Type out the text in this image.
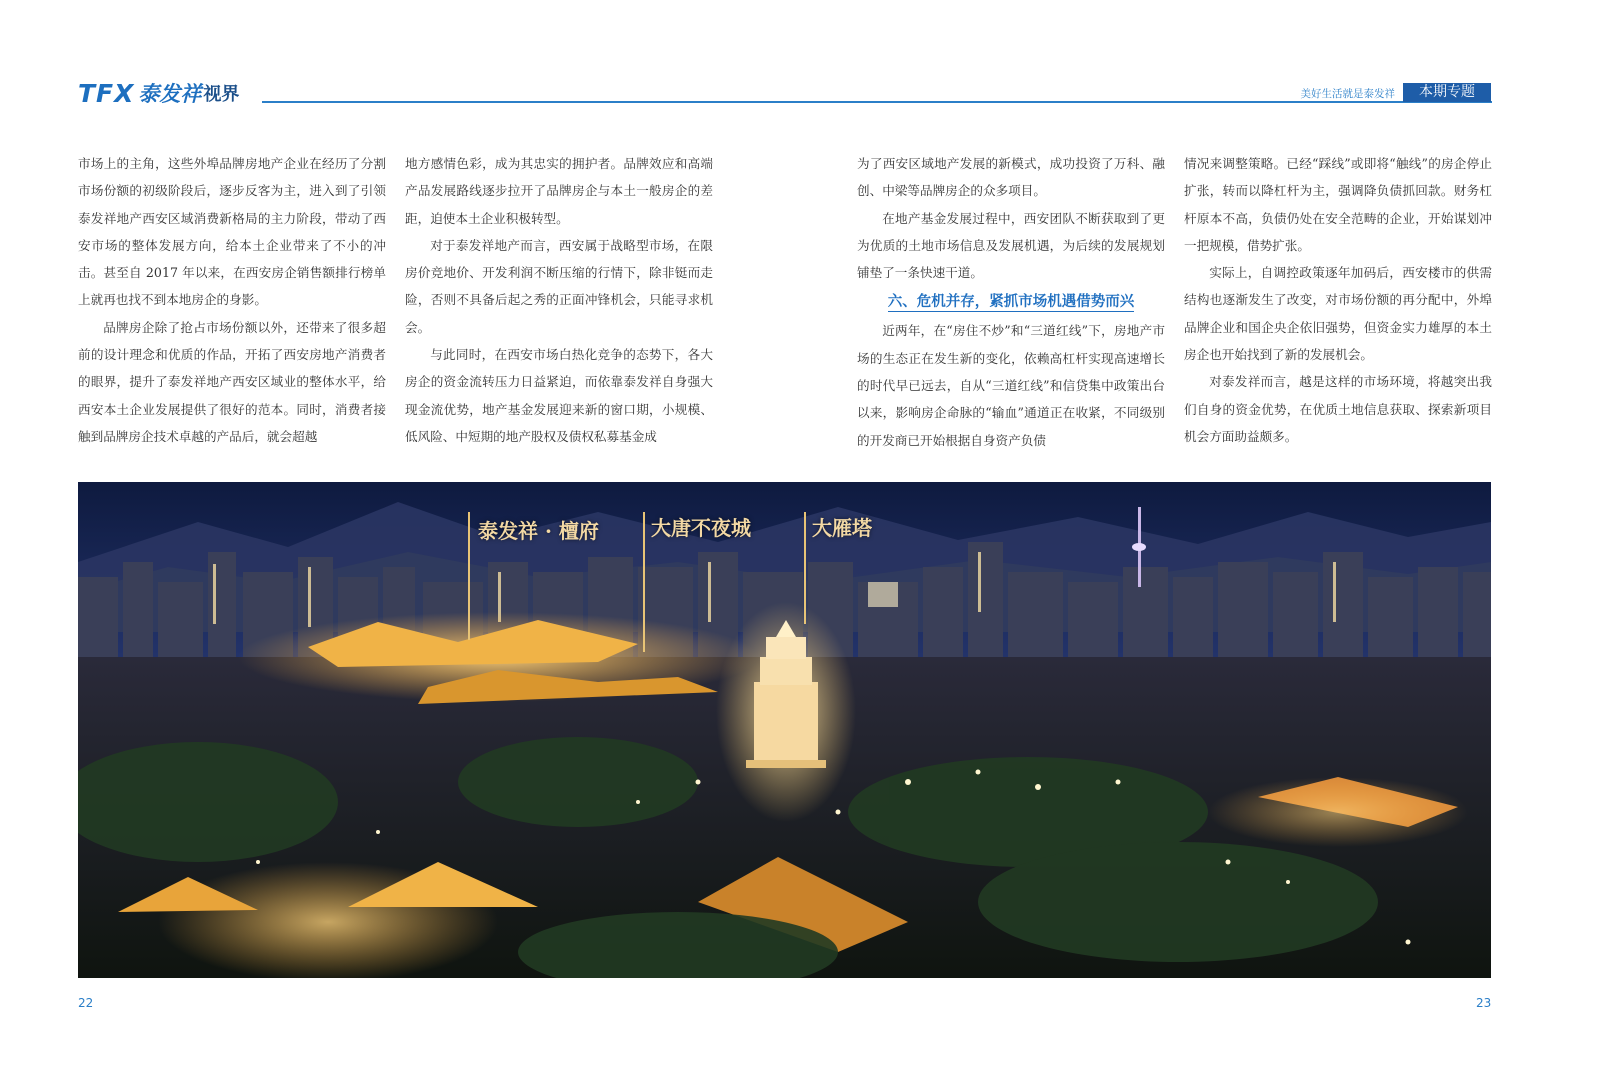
TFX 泰发祥 视界	美好生活就是泰发祥	本期专题

市场上的主角，这些外埠品牌房地产企业在经历了分割市场份额的初级阶段后，逐步反客为主，进入到了引领泰发祥地产西安区域消费新格局的主力阶段，带动了西安市场的整体发展方向，给本土企业带来了不小的冲击。甚至自 2017 年以来，在西安房企销售额排行榜单上就再也找不到本地房企的身影。

品牌房企除了抢占市场份额以外，还带来了很多超前的设计理念和优质的作品，开拓了西安房地产消费者的眼界，提升了泰发祥地产西安区域业的整体水平，给西安本土企业发展提供了很好的范本。同时，消费者接触到品牌房企技术卓越的产品后，就会超越

地方感情色彩，成为其忠实的拥护者。品牌效应和高端产品发展路线逐步拉开了品牌房企与本土一般房企的差距，迫使本土企业积极转型。

对于泰发祥地产而言，西安属于战略型市场，在限房价竞地价、开发利润不断压缩的行情下，除非铤而走险，否则不具备后起之秀的正面冲锋机会，只能寻求机会。

与此同时，在西安市场白热化竞争的态势下，各大房企的资金流转压力日益紧迫，而依靠泰发祥自身强大现金流优势，地产基金发展迎来新的窗口期，小规模、低风险、中短期的地产股权及债权私募基金成

为了西安区域地产发展的新模式，成功投资了万科、融创、中梁等品牌房企的众多项目。

在地产基金发展过程中，西安团队不断获取到了更为优质的土地市场信息及发展机遇，为后续的发展规划铺垫了一条快速干道。

六、危机并存，紧抓市场机遇借势而兴

近两年，在“房住不炒”和“三道红线”下，房地产市场的生态正在发生新的变化，依赖高杠杆实现高速增长的时代早已远去，自从“三道红线”和信贷集中政策出台以来，影响房企命脉的“输血”通道正在收紧，不同级别的开发商已开始根据自身资产负债

情况来调整策略。已经“踩线”或即将“触线”的房企停止扩张，转而以降杠杆为主，强调降负债抓回款。财务杠杆原本不高，负债仍处在安全范畴的企业，开始谋划冲一把规模，借势扩张。

实际上，自调控政策逐年加码后，西安楼市的供需结构也逐渐发生了改变，对市场份额的再分配中，外埠品牌企业和国企央企依旧强势，但资金实力雄厚的本土房企也开始找到了新的发展机会。

对泰发祥而言，越是这样的市场环境，将越突出我们自身的资金优势，在优质土地信息获取、探索新项目机会方面助益颇多。

泰发祥 · 檀府	大唐不夜城	大雁塔
22	23
